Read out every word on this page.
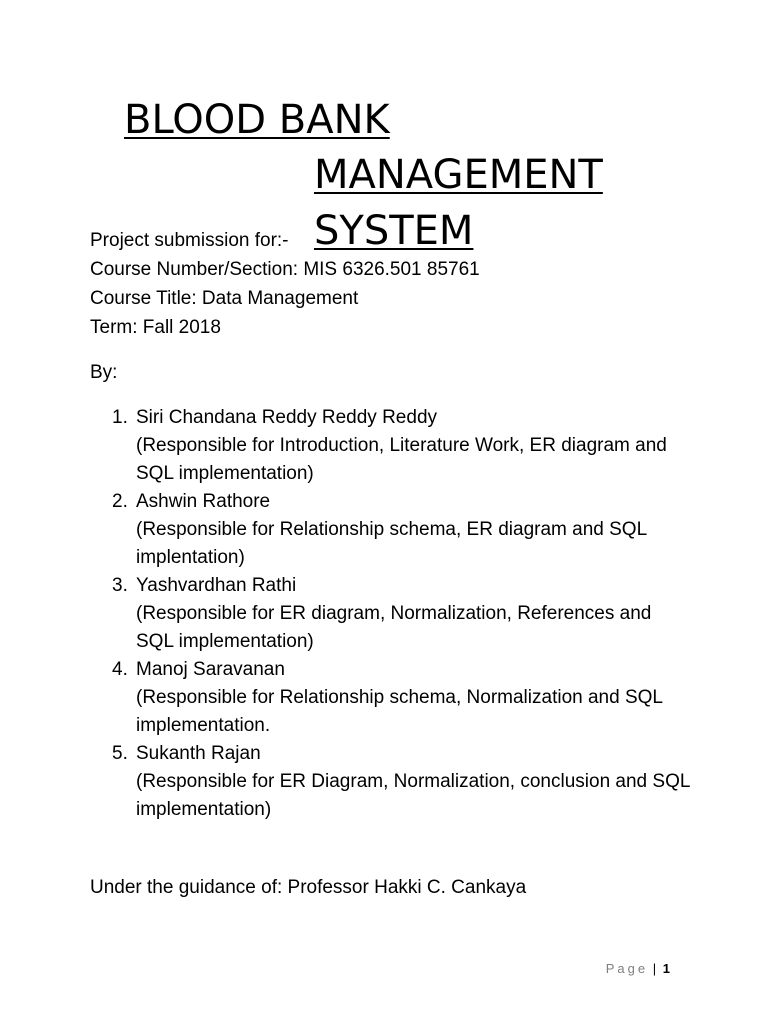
BLOOD BANK
MANAGEMENT
SYSTEM
Project submission for:-
Course Number/Section: MIS 6326.501 85761
Course Title: Data Management
Term: Fall 2018
By:
1. Siri Chandana Reddy Reddy Reddy
(Responsible for Introduction, Literature Work, ER diagram and SQL implementation)
2. Ashwin Rathore
(Responsible for Relationship schema, ER diagram and SQL implentation)
3. Yashvardhan Rathi
(Responsible for ER diagram, Normalization, References and SQL implementation)
4. Manoj Saravanan
(Responsible for Relationship schema, Normalization and SQL implementation.
5. Sukanth Rajan
(Responsible for ER Diagram, Normalization, conclusion and SQL implementation)
Under the guidance of: Professor Hakki C. Cankaya
Page | 1
